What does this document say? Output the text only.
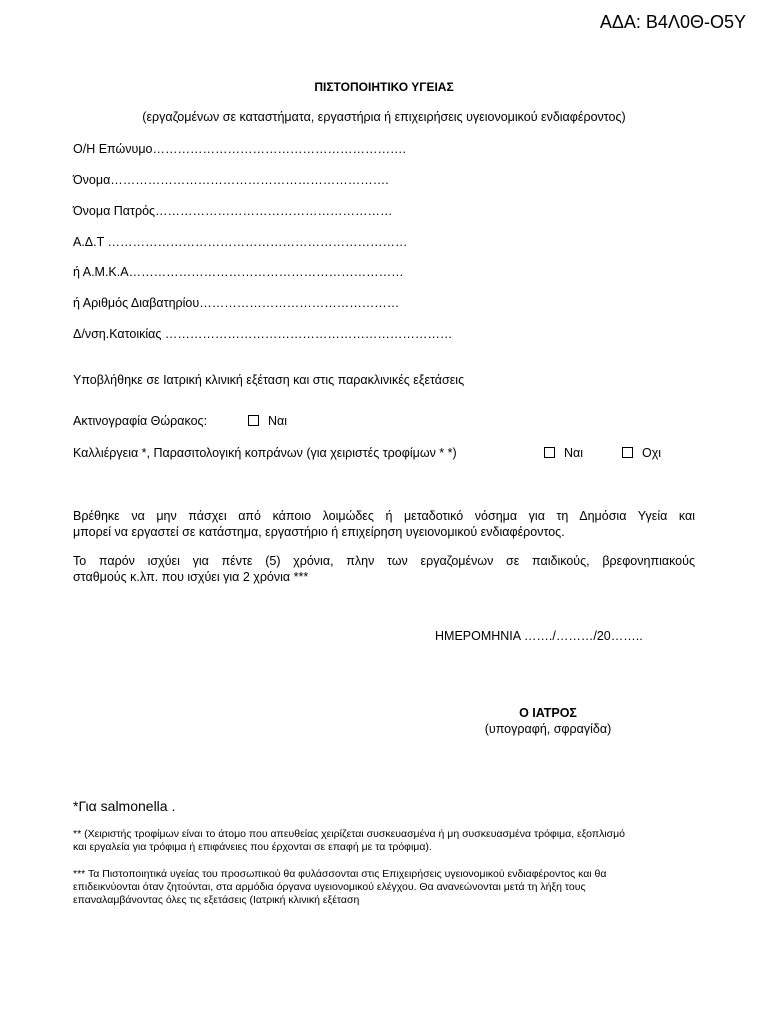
ΑΔΑ: Β4Λ0Θ-Ο5Υ
ΠΙΣΤΟΠΟΙΗΤΙΚΟ ΥΓΕΙΑΣ
(εργαζομένων σε καταστήματα, εργαστήρια ή επιχειρήσεις υγειονομικού ενδιαφέροντος)
Ο/Η Επώνυμο…………………………………………………….
Όνομα………………………………………………………….
Όνομα Πατρός…………………………………………………
Α.Δ.Τ ………………………………………………………………
ή Α.Μ.Κ.Α…………………………………………………………
ή Αριθμός Διαβατηρίου…………………………………………
Δ/νση.Κατοικίας ……………………………………………………………
Υποβλήθηκε σε Ιατρική κλινική εξέταση και στις παρακλινικές εξετάσεις
Ακτινογραφία Θώρακος:	Ναι
Καλλιέργεια *, Παρασιτολογική κοπράνων (για χειριστές τροφίμων * *)	Ναι	Οχι
Βρέθηκε να μην πάσχει από κάποιο λοιμώδες ή μεταδοτικό νόσημα για τη Δημόσια Υγεία και
μπορεί να εργαστεί σε κατάστημα, εργαστήριο ή επιχείρηση υγειονομικού ενδιαφέροντος.
Το παρόν ισχύει για πέντε (5) χρόνια, πλην των εργαζομένων σε παιδικούς, βρεφονηπιακούς
σταθμούς κ.λπ. που ισχύει για 2 χρόνια ***
ΗΜΕΡΟΜΗΝΙΑ ……./………/20……..
Ο ΙΑΤΡΟΣ
(υπογραφή, σφραγίδα)
*Για salmonella .
** (Χειριστής τροφίμων είναι το άτομο που απευθείας χειρίζεται συσκευασμένα ή μη συσκευασμένα τρόφιμα, εξοπλισμό
και εργαλεία για τρόφιμα ή επιφάνειες που έρχονται σε επαφή με τα τρόφιμα).
*** Τα Πιστοποιητικά υγείας του προσωπικού θα φυλάσσονται στις Επιχειρήσεις υγειονομικού ενδιαφέροντος και θα
επιδεικνύονται όταν ζητούνται, στα αρμόδια όργανα υγειονομικού ελέγχου. Θα ανανεώνονται μετά τη λήξη τους
επαναλαμβάνοντας όλες τις εξετάσεις (Ιατρική κλινική εξέταση
